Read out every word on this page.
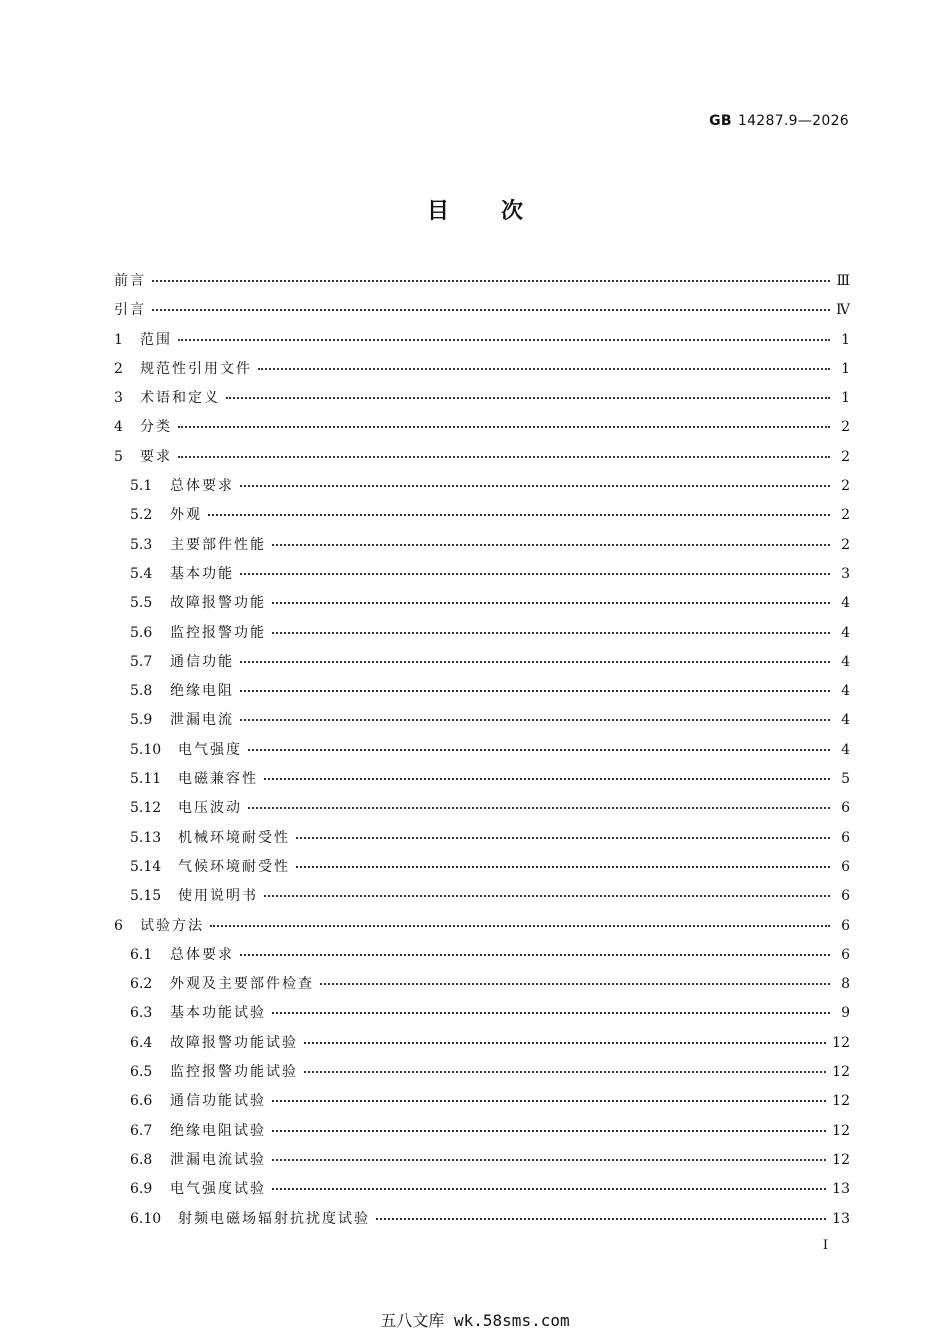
GB 14287.9—2026
目次
前言	Ⅲ
引言	Ⅳ
1	范围	1
2	规范性引用文件	1
3	术语和定义	1
4	分类	2
5	要求	2
5.1	总体要求	2
5.2	外观	2
5.3	主要部件性能	2
5.4	基本功能	3
5.5	故障报警功能	4
5.6	监控报警功能	4
5.7	通信功能	4
5.8	绝缘电阻	4
5.9	泄漏电流	4
5.10	电气强度	4
5.11	电磁兼容性	5
5.12	电压波动	6
5.13	机械环境耐受性	6
5.14	气候环境耐受性	6
5.15	使用说明书	6
6	试验方法	6
6.1	总体要求	6
6.2	外观及主要部件检查	8
6.3	基本功能试验	9
6.4	故障报警功能试验	12
6.5	监控报警功能试验	12
6.6	通信功能试验	12
6.7	绝缘电阻试验	12
6.8	泄漏电流试验	12
6.9	电气强度试验	13
6.10	射频电磁场辐射抗扰度试验	13
I
五八文库 wk.58sms.com
